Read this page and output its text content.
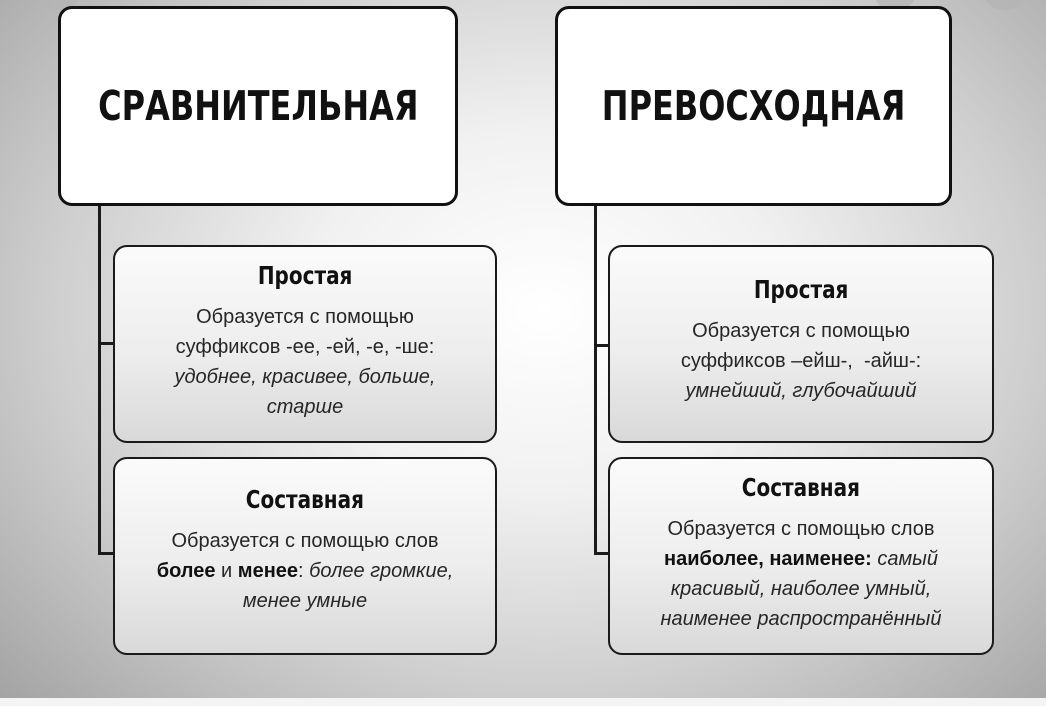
СРАВНИТЕЛЬНАЯ	ПРЕВОСХОДНАЯ
Простая
Образуется с помощью
суффиксов -ее, -ей, -е, -ше:
удобнее, красивее, больше,
старше
Составная
Образуется с помощью слов
более и менее: более громкие,
менее умные
Простая
Образуется с помощью
суффиксов –ейш-,  -айш-:
умнейший, глубочайший
Составная
Образуется с помощью слов
наиболее, наименее: самый
красивый, наиболее умный,
наименее распространённый
